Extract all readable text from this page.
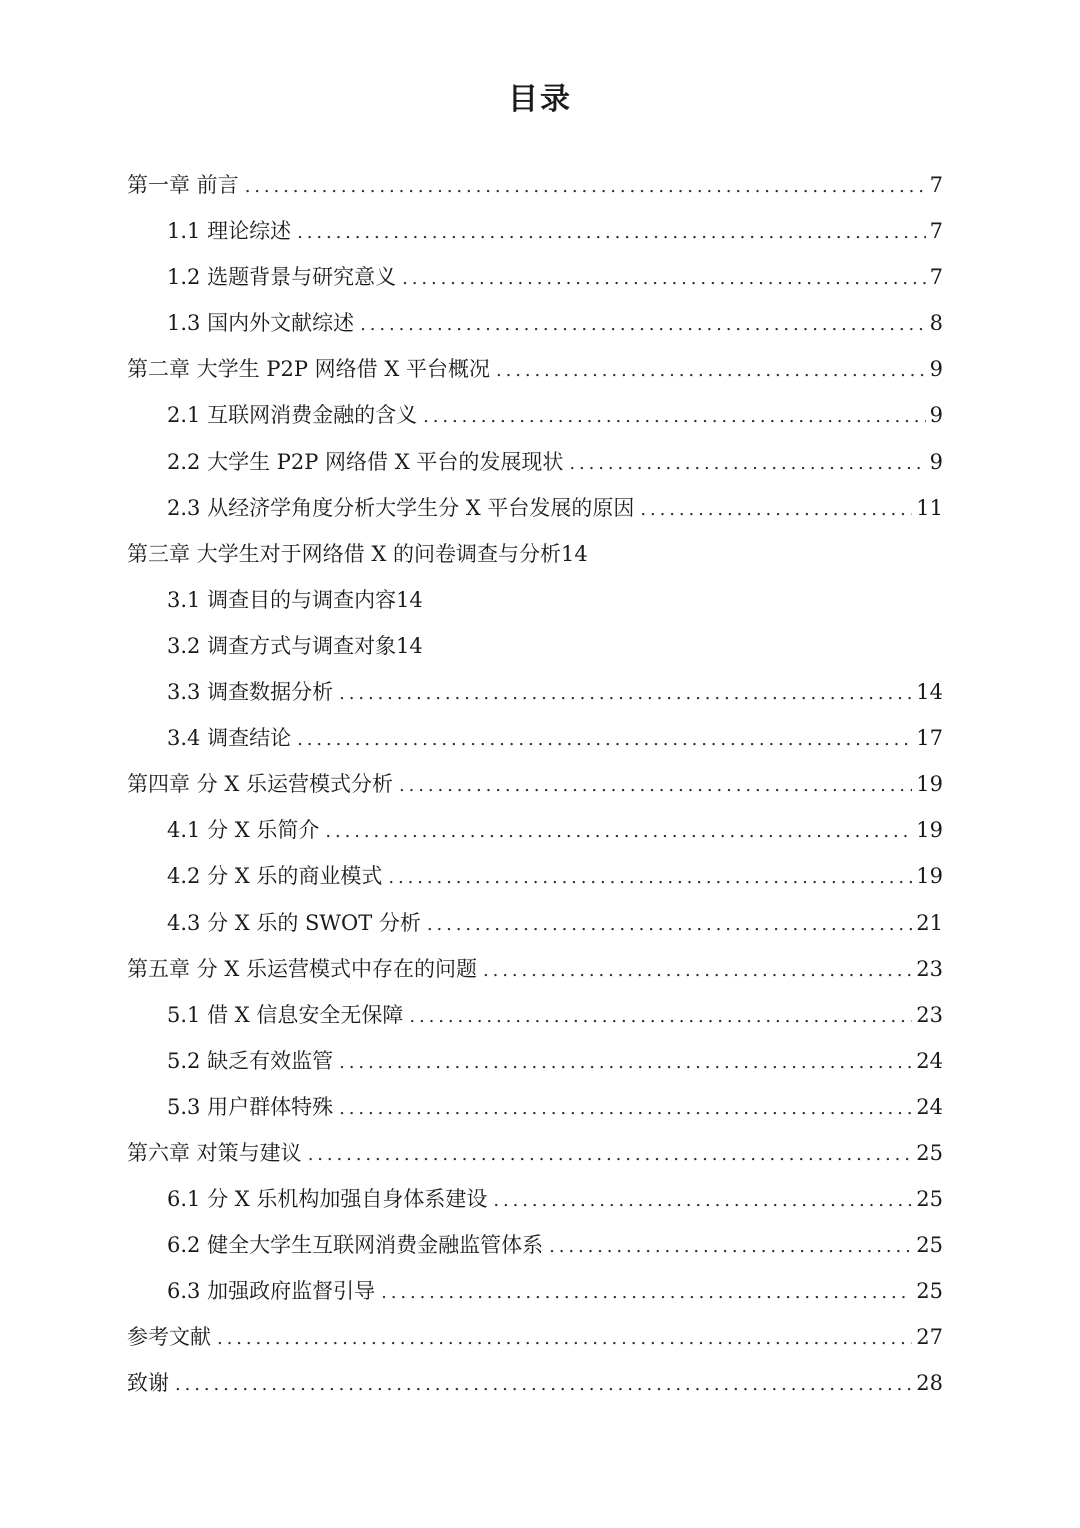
目录
第一章 前言 .....	7
1.1 理论综述 .....	7
1.2 选题背景与研究意义 .....	7
1.3 国内外文献综述 .....	8
第二章 大学生 P2P 网络借 X 平台概况 .....	9
2.1 互联网消费金融的含义 .....	9
2.2 大学生 P2P 网络借 X 平台的发展现状 .....	9
2.3 从经济学角度分析大学生分 X 平台发展的原因 .....	11
第三章 大学生对于网络借 X 的问卷调查与分析14
3.1 调查目的与调查内容14
3.2 调查方式与调查对象14
3.3 调查数据分析 .....	14
3.4 调查结论 .....	17
第四章 分 X 乐运营模式分析 .....	19
4.1 分 X 乐简介 .....	19
4.2 分 X 乐的商业模式 .....	19
4.3 分 X 乐的 SWOT 分析 .....	21
第五章 分 X 乐运营模式中存在的问题 .....	23
5.1 借 X 信息安全无保障 .....	23
5.2 缺乏有效监管 .....	24
5.3 用户群体特殊 .....	24
第六章 对策与建议 .....	25
6.1 分 X 乐机构加强自身体系建设 .....	25
6.2 健全大学生互联网消费金融监管体系 .....	25
6.3 加强政府监督引导 .....	25
参考文献 .....	27
致谢 .....	28
